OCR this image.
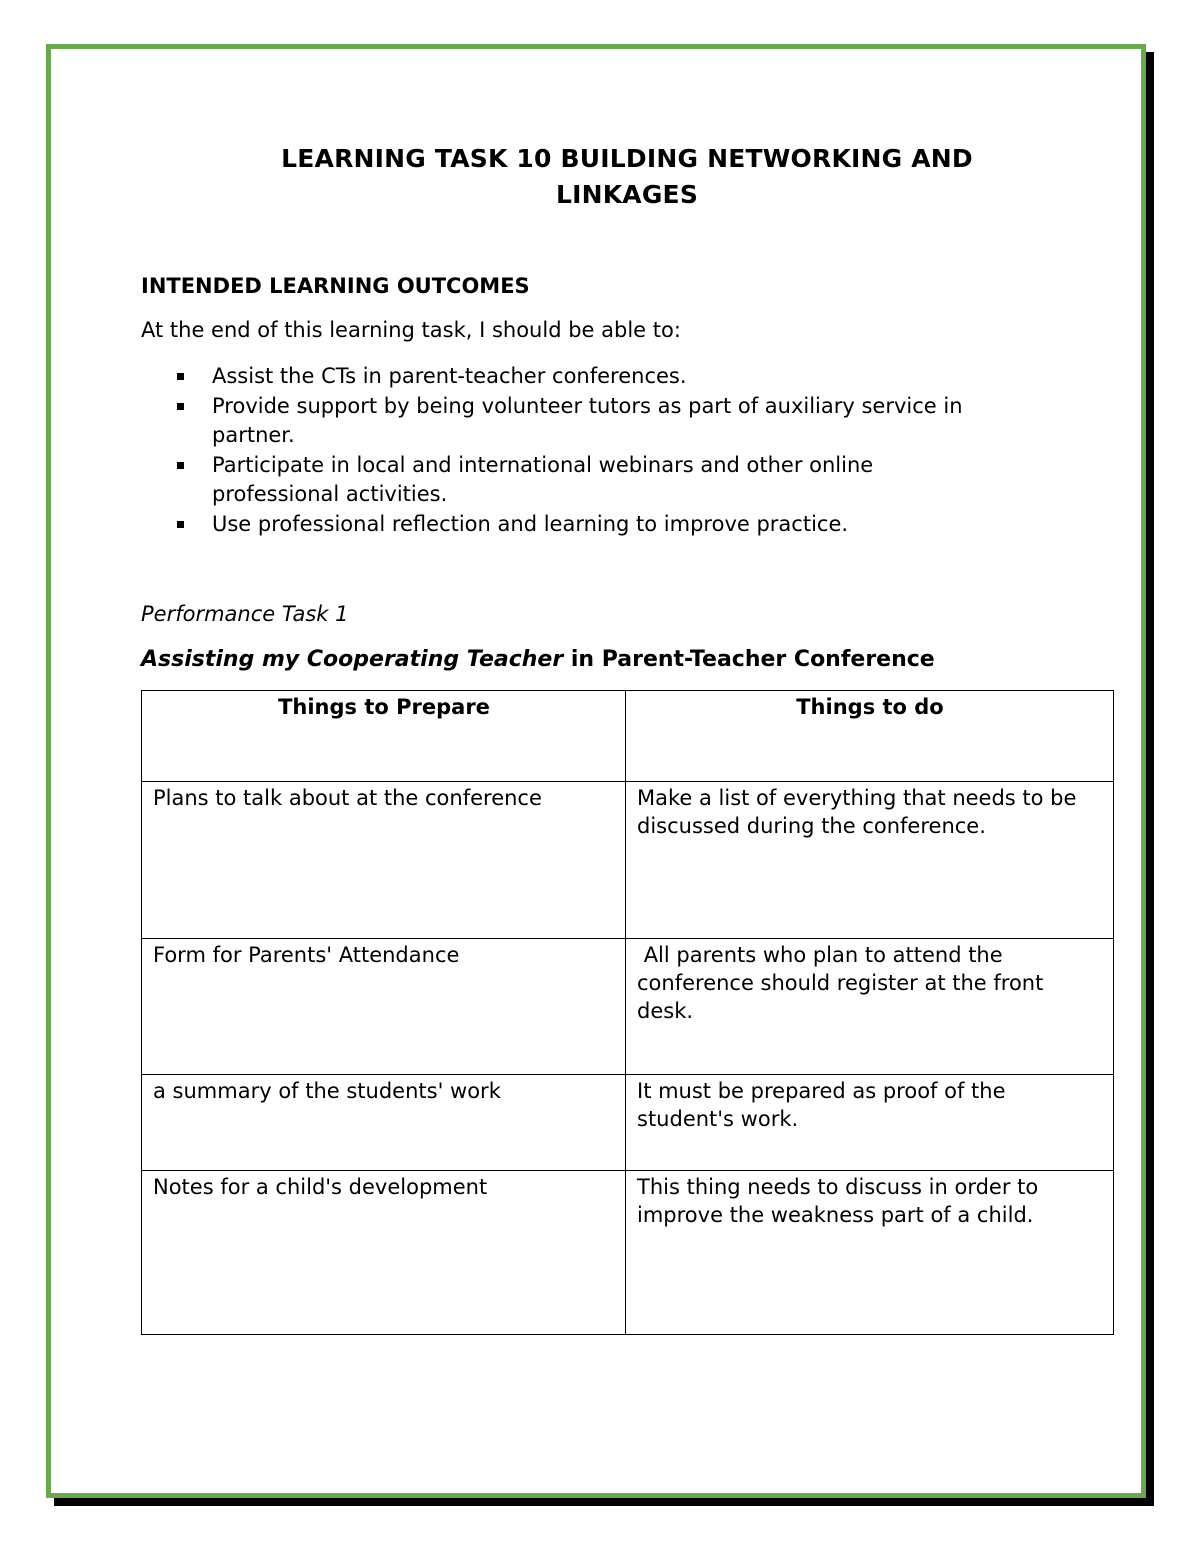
LEARNING TASK 10 BUILDING NETWORKING AND
LINKAGES
INTENDED LEARNING OUTCOMES
At the end of this learning task, I should be able to:
Assist the CTs in parent-teacher conferences.
Provide support by being volunteer tutors as part of auxiliary service in partner.
Participate in local and international webinars and other online professional activities.
Use professional reflection and learning to improve practice.
Performance Task 1
Assisting my Cooperating Teacher in Parent-Teacher Conference
Things to Prepare	Things to do
Plans to talk about at the conference	Make a list of everything that needs to be discussed during the conference.
Form for Parents' Attendance	All parents who plan to attend the conference should register at the front desk.
a summary of the students' work	It must be prepared as proof of the student's work.
Notes for a child's development	This thing needs to discuss in order to improve the weakness part of a child.
